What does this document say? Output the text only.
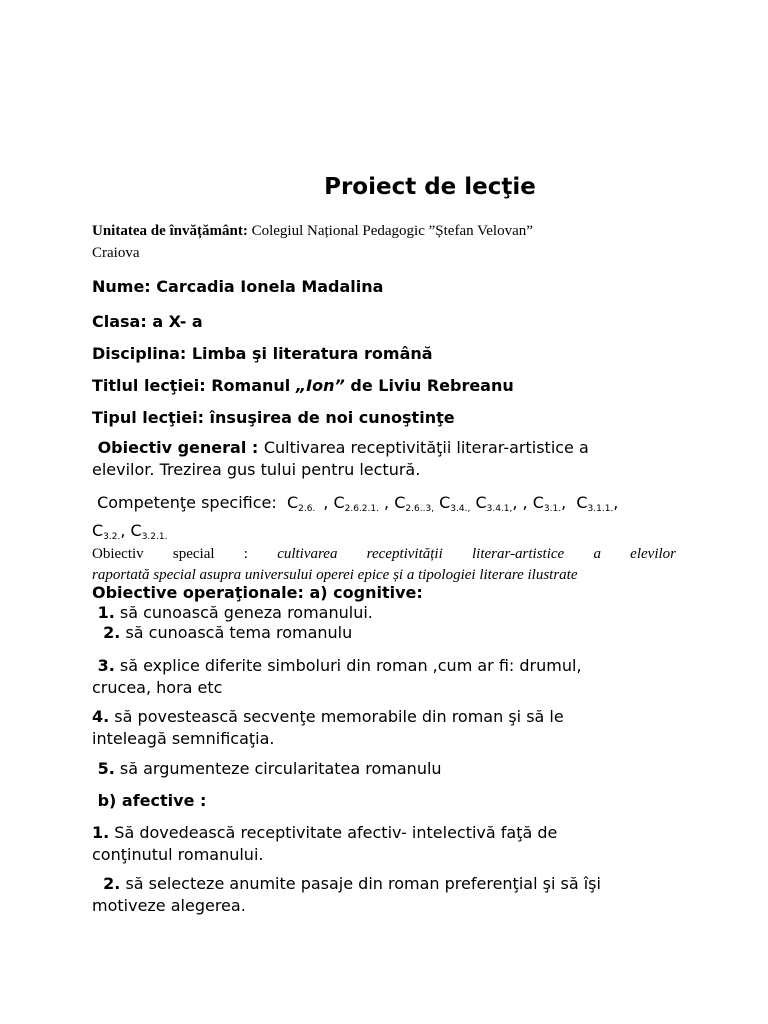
Proiect de lecţie
Unitatea de învățământ: Colegiul Național Pedagogic ”Ștefan Velovan”
Craiova
Nume: Carcadia Ionela Madalina
Clasa: a X- a
Disciplina: Limba şi literatura română
Titlul lecţiei: Romanul „Ion” de Liviu Rebreanu
Tipul lecţiei: însuşirea de noi cunoştinţe
Obiectiv general : Cultivarea receptivităţii literar-artistice a
elevilor. Trezirea gus tului pentru lectură.
Competenţe specifice:  $C_{2.6.}$  , $C_{2.6.2.1.}$ , $C_{2.6..3,}$ $C_{3.4.,}$ $C_{3.4.1,}$, , $C_{3.1.}$,  $C_{3.1.1.}$,
$C_{3.2.}$, $C_{3.2.1.}$
Obiectiv special : cultivarea receptivității literar-artistice a elevilor
raportată special asupra universului operei epice și a tipologiei literare ilustrate
Obiective operaţionale: a) cognitive:
1. să cunoască geneza romanului.
2. să cunoască tema romanulu
3. să explice diferite simboluri din roman ,cum ar fi: drumul,
crucea, hora etc
4. să povestească secvenţe memorabile din roman şi să le
inteleagă semnificaţia.
5. să argumenteze circularitatea romanulu
b) afective :
1. Să dovedească receptivitate afectiv- intelectivă faţă de
conţinutul romanului.
2. să selecteze anumite pasaje din roman preferenţial şi să îşi
motiveze alegerea.
